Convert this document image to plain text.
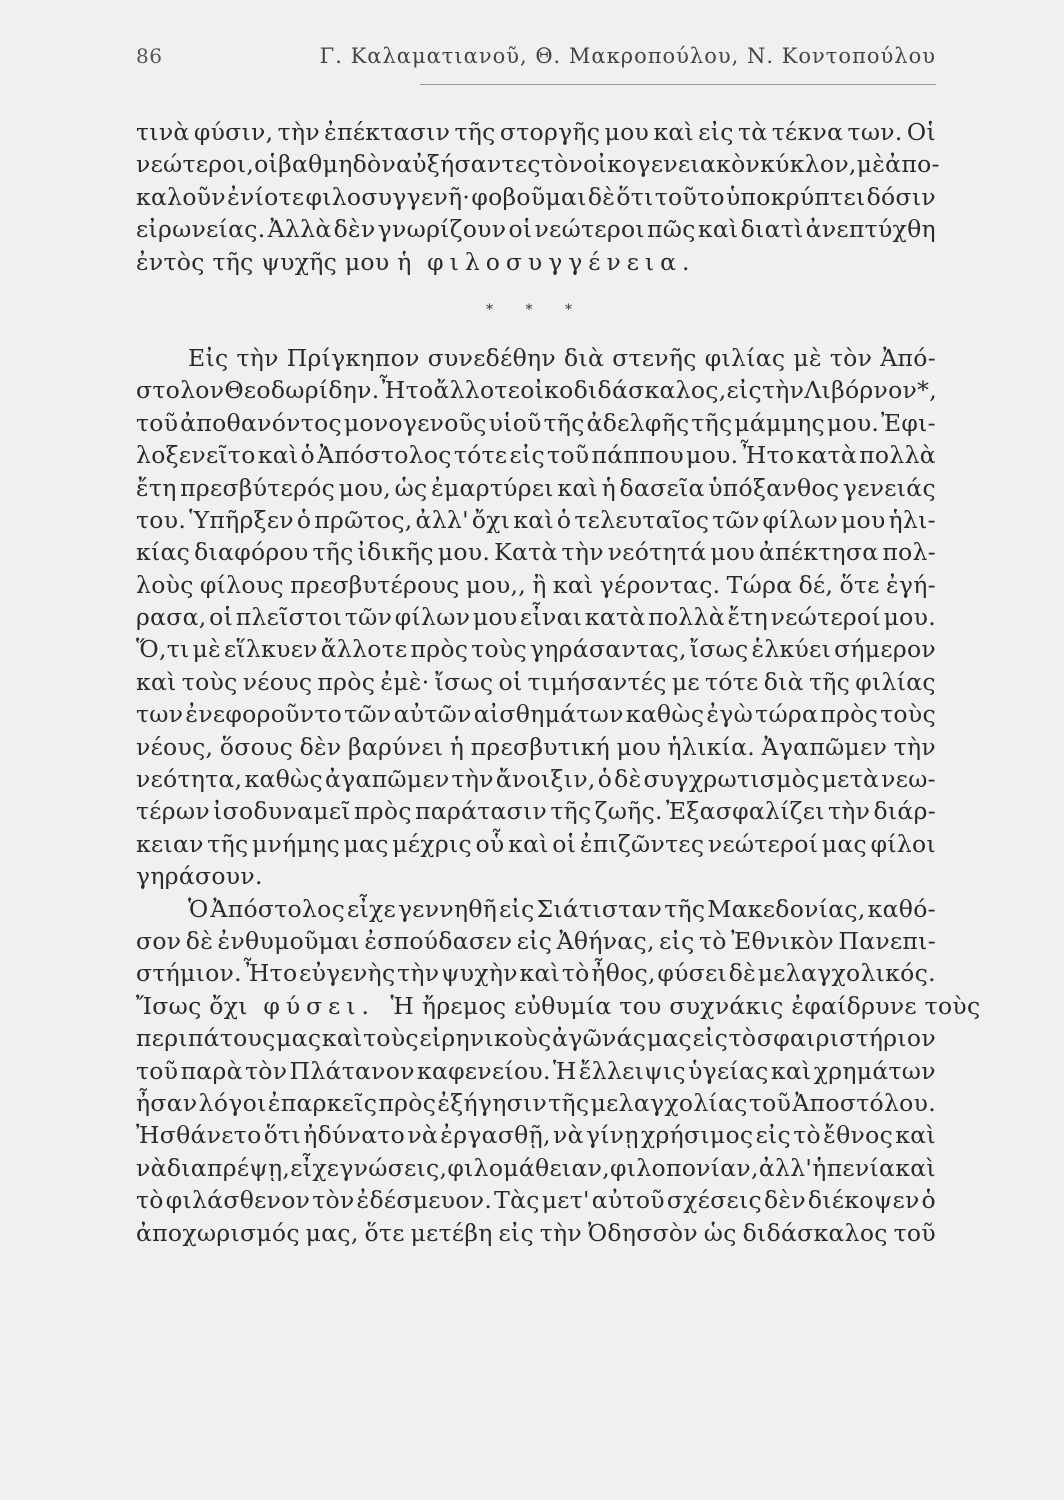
86	Γ. Καλαματιανοῦ, Θ. Μακροπούλου, Ν. Κοντοπούλου
τινὰ φύσιν, τὴν ἐπέκτασιν τῆς στοργῆς μου καὶ εἰς τὰ τέκνα των. Οἱ
νεώτεροι, οἱ βαθμηδὸν αὐξήσαντες τὸν οἰκογενειακὸν κύκλον, μὲ ἀπο-
καλοῦν ἐνίοτε φιλοσυγγενῆ· φοβοῦμαι δὲ ὅτι τοῦτο ὑποκρύπτει δόσιν
εἰρωνείας. Ἀλλὰ δὲν γνωρίζουν οἱ νεώτεροι πῶς καὶ διατὶ ἀνεπτύχθη
ἐντὸς τῆς ψυχῆς μου ἡ
φιλοσυγγένεια.
* * *
Εἰς τὴν Πρίγκηπον συνεδέθην διὰ στενῆς φιλίας μὲ τὸν Ἀπό-
στολον Θεοδωρίδην. Ἦτο ἄλλοτε οἰκοδιδάσκαλος, εἰς τὴν Λιβόρνον *,
τοῦ ἀποθανόντος μονογενοῦς υἱοῦ τῆς ἀδελφῆς τῆς μάμμης μου. Ἐφι-
λοξενεῖτο καὶ ὁ Ἀπόστολος τότε εἰς τοῦ πάππου μου. Ἦτο κατὰ πολλὰ
ἔτη πρεσβύτερός μου, ὡς ἐμαρτύρει καὶ ἡ δασεῖα ὑπόξανθος γενειάς
του. Ὑπῆρξεν ὁ πρῶτος, ἀλλ' ὄχι καὶ ὁ τελευταῖος τῶν φίλων μου ἡλι-
κίας διαφόρου τῆς ἰδικῆς μου. Κατὰ τὴν νεότητά μου ἀπέκτησα πολ-
λοὺς φίλους πρεσβυτέρους μου,, ἢ καὶ γέροντας. Τώρα δέ, ὅτε ἐγή-
ρασα, οἱ πλεῖστοι τῶν φίλων μου εἶναι κατὰ πολλὰ ἔτη νεώτεροί μου.
Ὅ,τι μὲ εἵλκυεν ἄλλοτε πρὸς τοὺς γηράσαντας, ἴσως ἑλκύει σήμερον
καὶ τοὺς νέους πρὸς ἐμὲ· ἴσως οἱ τιμήσαντές με τότε διὰ τῆς φιλίας
των ἐνεφοροῦντο τῶν αὐτῶν αἰσθημάτων καθὼς ἐγὼ τώρα πρὸς τοὺς
νέους, ὅσους δὲν βαρύνει ἡ πρεσβυτική μου ἡλικία. Ἀγαπῶμεν τὴν
νεότητα, καθὼς ἀγαπῶμεν τὴν ἄνοιξιν, ὁ δὲ συγχρωτισμὸς μετὰ νεω-
τέρων ἰσοδυναμεῖ πρὸς παράτασιν τῆς ζωῆς. Ἐξασφαλίζει τὴν διάρ-
κειαν τῆς μνήμης μας μέχρις οὗ καὶ οἱ ἐπιζῶντες νεώτεροί μας φίλοι
γηράσουν.
Ὁ Ἀπόστολος εἶχε γεννηθῆ εἰς Σιάτισταν τῆς Μακεδονίας, καθό-
σον δὲ ἐνθυμοῦμαι ἐσπούδασεν εἰς Ἀθήνας, εἰς τὸ Ἐθνικὸν Πανεπι-
στήμιον. Ἦτο εὐγενὴς τὴν ψυχὴν καὶ τὸ ἦθος, φύσει δὲ μελαγχολικός.
Ἴσως ὄχι
φύσει.
Ἡ ἤρεμος εὐθυμία του συχνάκις ἐφαίδρυνε τοὺς
περιπάτους μας καὶ τοὺς εἰρηνικοὺς ἀγῶνάς μας εἰς τὸ σφαιριστήριον
τοῦ παρὰ τὸν Πλάτανον καφενείου. Ἡ ἔλλειψις ὑγείας καὶ χρημάτων
ἦσαν λόγοι ἐπαρκεῖς πρὸς ἐξήγησιν τῆς μελαγχολίας τοῦ Ἀποστόλου.
Ἠσθάνετο ὅτι ἠδύνατο νὰ ἐργασθῇ, νὰ γίνῃ χρήσιμος εἰς τὸ ἔθνος καὶ
νὰ διαπρέψῃ, εἶχε γνώσεις, φιλομάθειαν, φιλοπονίαν, ἀλλ' ἡ πενία καὶ
τὸ φιλάσθενον τὸν ἐδέσμευον. Τὰς μετ' αὐτοῦ σχέσεις δὲν διέκοψεν ὁ
ἀποχωρισμός μας, ὅτε μετέβη εἰς τὴν Ὀδησσὸν ὡς διδάσκαλος τοῦ
